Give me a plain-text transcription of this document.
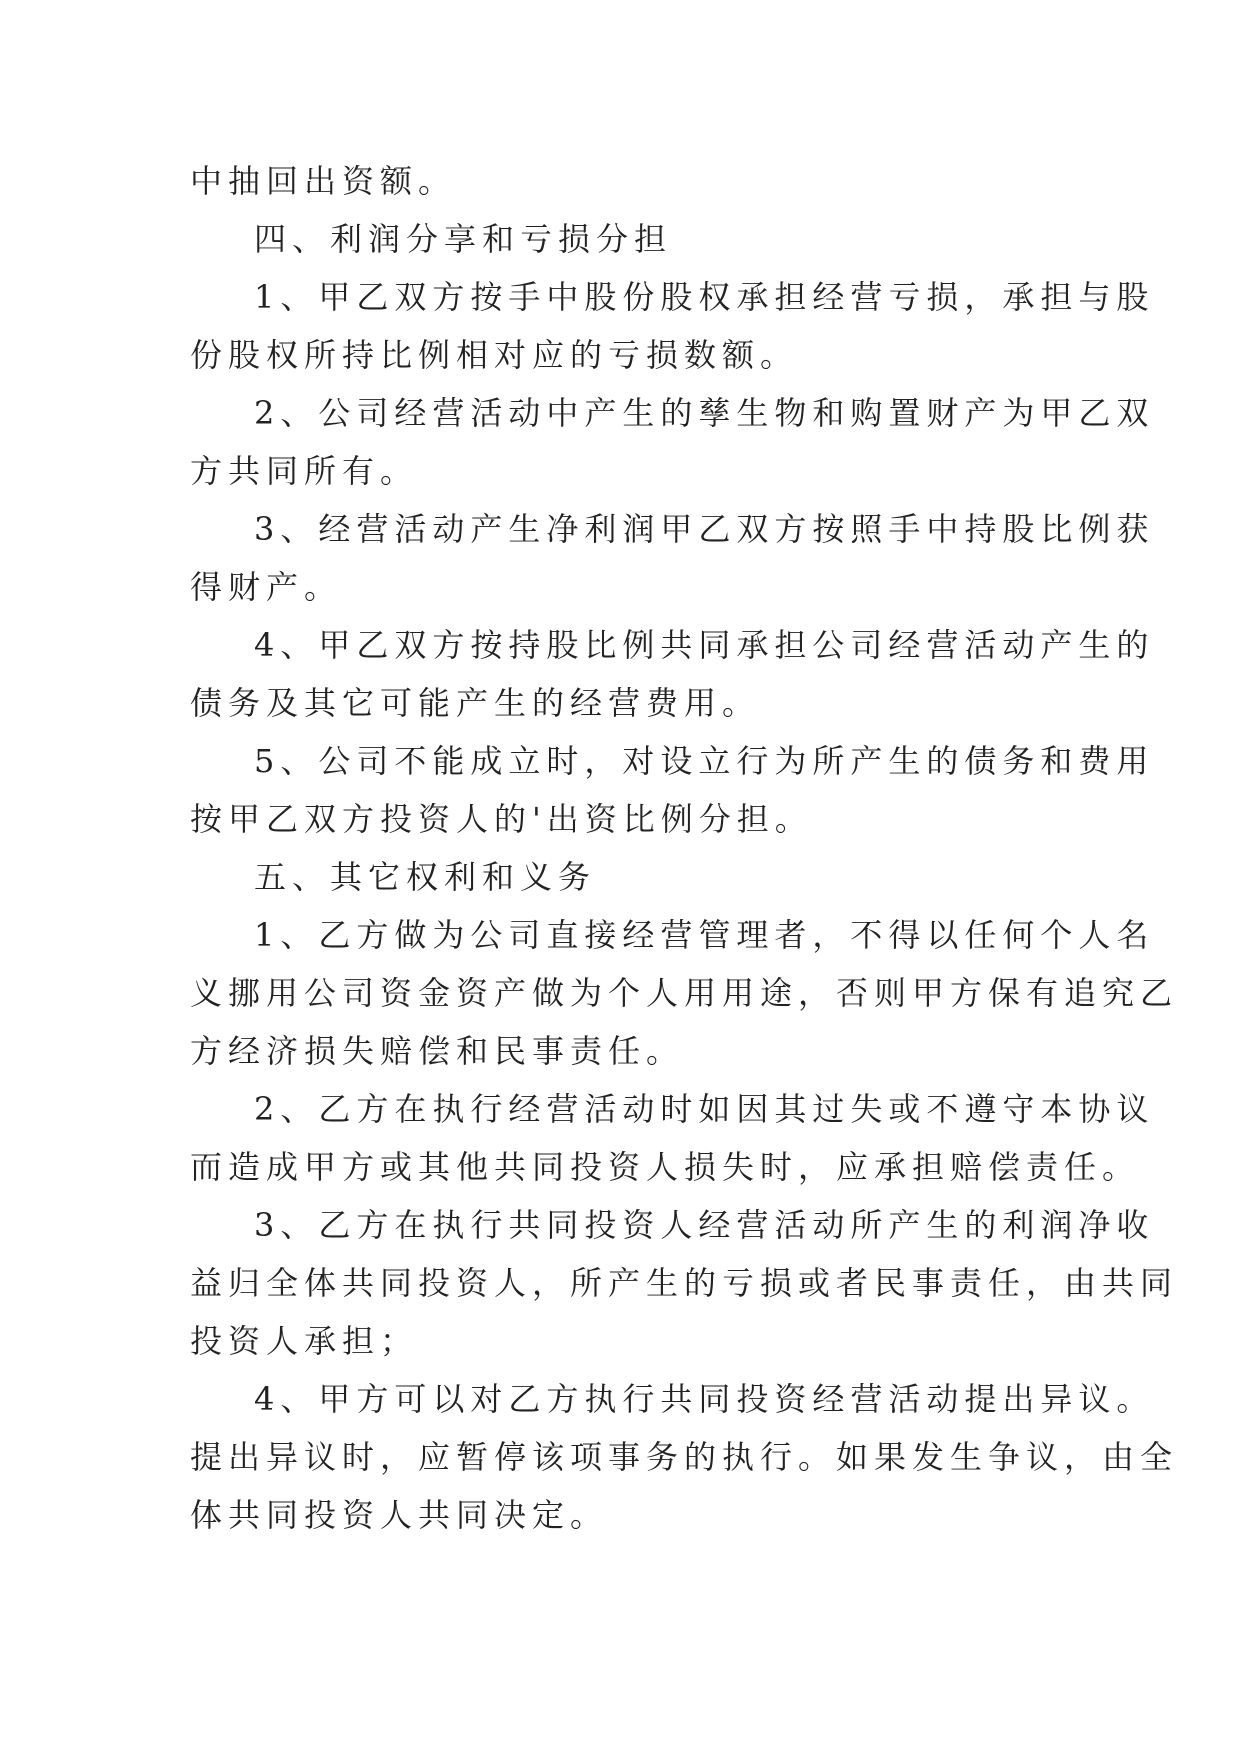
中抽回出资额。
四、利润分享和亏损分担
1、甲乙双方按手中股份股权承担经营亏损，承担与股
份股权所持比例相对应的亏损数额。
2、公司经营活动中产生的孳生物和购置财产为甲乙双
方共同所有。
3、经营活动产生净利润甲乙双方按照手中持股比例获
得财产。
4、甲乙双方按持股比例共同承担公司经营活动产生的
债务及其它可能产生的经营费用。
5、公司不能成立时，对设立行为所产生的债务和费用
按甲乙双方投资人的'出资比例分担。
五、其它权利和义务
1、乙方做为公司直接经营管理者，不得以任何个人名
义挪用公司资金资产做为个人用用途，否则甲方保有追究乙
方经济损失赔偿和民事责任。
2、乙方在执行经营活动时如因其过失或不遵守本协议
而造成甲方或其他共同投资人损失时，应承担赔偿责任。
3、乙方在执行共同投资人经营活动所产生的利润净收
益归全体共同投资人，所产生的亏损或者民事责任，由共同
投资人承担；
4、甲方可以对乙方执行共同投资经营活动提出异议。
提出异议时，应暂停该项事务的执行。如果发生争议，由全
体共同投资人共同决定。
